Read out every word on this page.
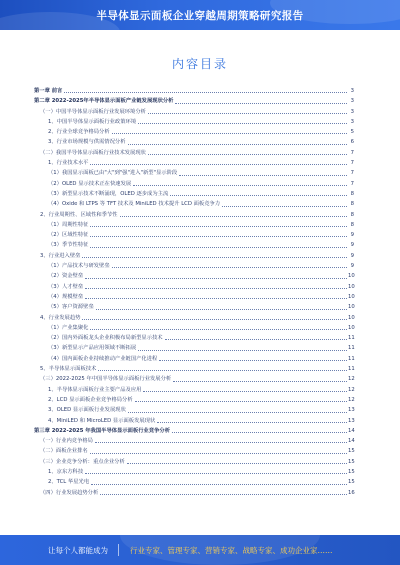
半导体显示面板企业穿越周期策略研究报告
内容目录
第一章 前言	3
第二章 2022-2025年半导体显示面板产业链发展现状分析	3
（一）中国半导体显示面板行业发展环境分析	3
1、中国半导体显示面板行业政策环境	3
2、行业全球竞争格局分析	5
3、行业市场规模与供需情况分析	6
（二）我国半导体显示面板行业技术发展现状	7
1、行业技术水平	7
（1）我国显示面板已由"大"到"强"进入"新型"显示阶段	7
（2）OLED 显示技术正在快速发展	7
（3）新型显示技术不断涌现，OLED 逐步成为主流	8
（4）Oxide 和 LTPS 等 TFT 技术及 MiniLED 技术提升 LCD 面板竞争力	8
2、行业周期性、区域性和季节性	8
（1）周期性特征	8
（2）区域性特征	9
（3）季节性特征	9
3、行业进入壁垒	9
（1）产品技术与研发壁垒	9
（2）资金壁垒	10
（3）人才壁垒	10
（4）规模壁垒	10
（5）客户资源壁垒	10
4、行业发展趋势	10
（1）产业集聚化	10
（2）国内外面板龙头企业积极布局新型显示技术	11
（3）新型显示产品应用领域不断拓展	11
（4）国内面板企业持续推动产业链国产化进程	11
5、半导体显示面板技术	11
（三）2022-2025 年中国半导体显示面板行业发展分析	12
1、半导体显示面板行业主要产品及应用	12
2、LCD 显示面板企业竞争格局分析	12
3、OLED 显示面板行业发展现状	13
4、MiniLED 和 MicroLED 显示面板发展现状	13
第三章 2022-2025 年我国半导体显示面板行业竞争分析	14
（一）行业内竞争格局	14
（二）面板企业排名	15
（三）企业竞争分析：重点企业分析	15
1、京东方科技	15
2、TCL 华星光电	15
（四）行业发展趋势分析	16
让每个人都能成为	行业专家、管理专家、营销专家、战略专家、成功企业家……
